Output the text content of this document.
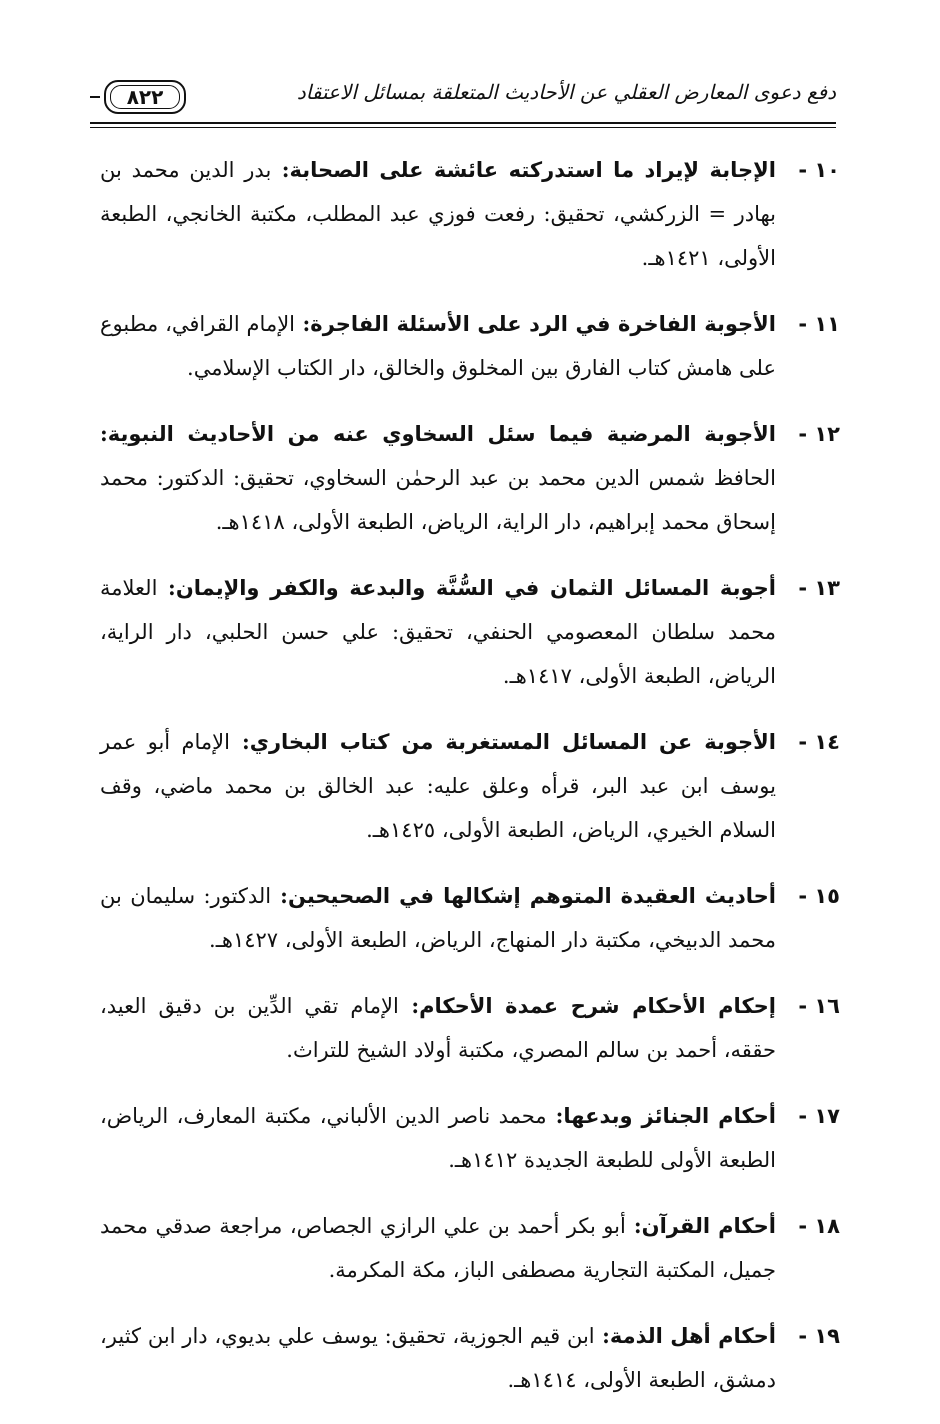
٨٢٢	دفع دعوى المعارض العقلي عن الأحاديث المتعلقة بمسائل الاعتقاد
١٠ -
الإجابة لإيراد ما استدركته عائشة على الصحابة: بدر الدين محمد بن بهادر = الزركشي، تحقيق: رفعت فوزي عبد المطلب، مكتبة الخانجي، الطبعة الأولى، ١٤٢١هـ.
١١ -
الأجوبة الفاخرة في الرد على الأسئلة الفاجرة: الإمام القرافي، مطبوع على هامش كتاب الفارق بين المخلوق والخالق، دار الكتاب الإسلامي.
١٢ -
الأجوبة المرضية فيما سئل السخاوي عنه من الأحاديث النبوية: الحافظ شمس الدين محمد بن عبد الرحمٰن السخاوي، تحقيق: الدكتور: محمد إسحاق محمد إبراهيم، دار الراية، الرياض، الطبعة الأولى، ١٤١٨هـ.
١٣ -
أجوبة المسائل الثمان في السُّنَّة والبدعة والكفر والإيمان: العلامة محمد سلطان المعصومي الحنفي، تحقيق: علي حسن الحلبي، دار الراية، الرياض، الطبعة الأولى، ١٤١٧هـ.
١٤ -
الأجوبة عن المسائل المستغربة من كتاب البخاري: الإمام أبو عمر يوسف ابن عبد البر، قرأه وعلق عليه: عبد الخالق بن محمد ماضي، وقف السلام الخيري، الرياض، الطبعة الأولى، ١٤٢٥هـ.
١٥ -
أحاديث العقيدة المتوهم إشكالها في الصحيحين: الدكتور: سليمان بن محمد الدبيخي، مكتبة دار المنهاج، الرياض، الطبعة الأولى، ١٤٢٧هـ.
١٦ -
إحكام الأحكام شرح عمدة الأحكام: الإمام تقي الدِّين بن دقيق العيد، حققه، أحمد بن سالم المصري، مكتبة أولاد الشيخ للتراث.
١٧ -
أحكام الجنائز وبدعها: محمد ناصر الدين الألباني، مكتبة المعارف، الرياض، الطبعة الأولى للطبعة الجديدة ١٤١٢هـ.
١٨ -
أحكام القرآن: أبو بكر أحمد بن علي الرازي الجصاص، مراجعة صدقي محمد جميل، المكتبة التجارية مصطفى الباز، مكة المكرمة.
١٩ -
أحكام أهل الذمة: ابن قيم الجوزية، تحقيق: يوسف علي بديوي، دار ابن كثير، دمشق، الطبعة الأولى، ١٤١٤هـ.
